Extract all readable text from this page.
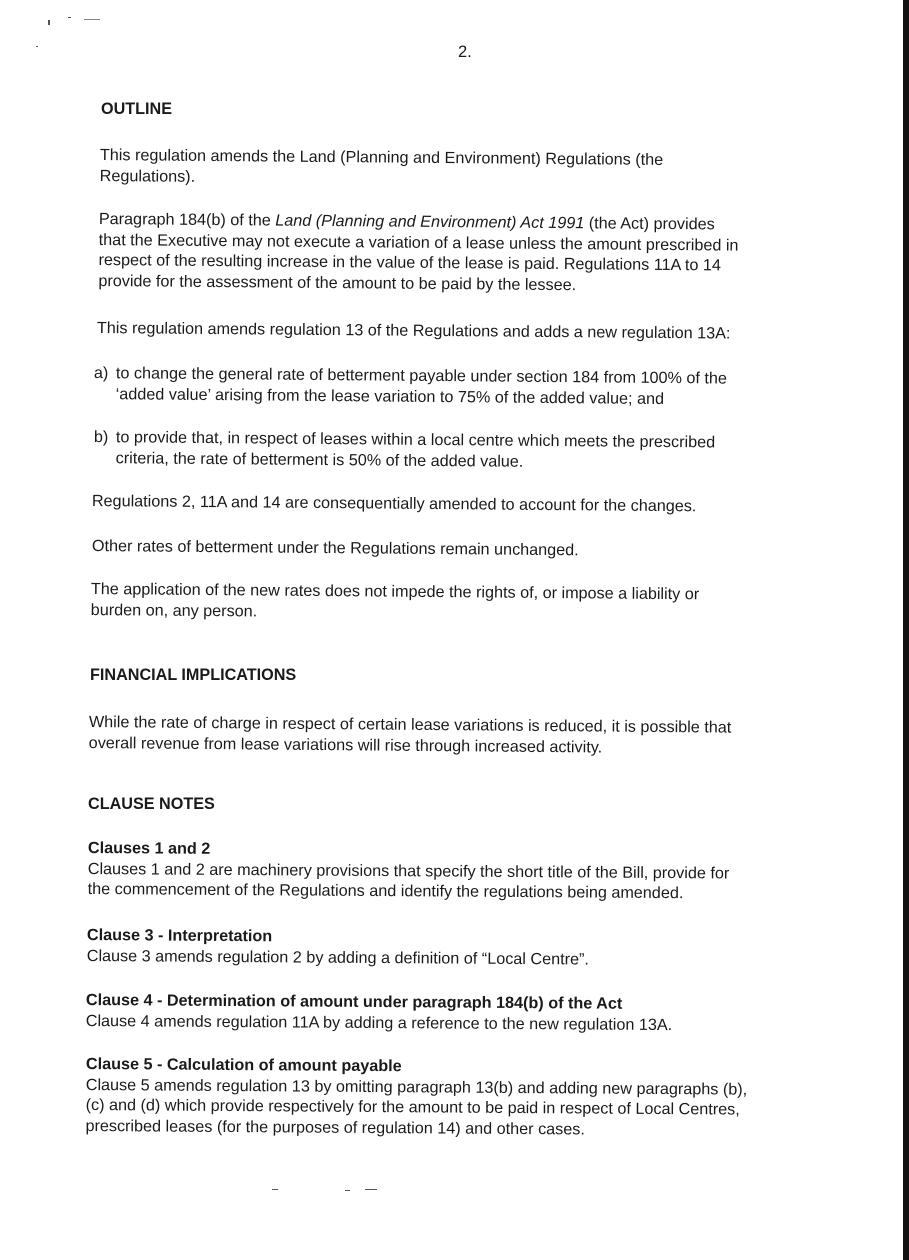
2.
OUTLINE
This regulation amends the Land (Planning and Environment) Regulations (the
Regulations).
Paragraph 184(b) of the Land (Planning and Environment) Act 1991 (the Act) provides
that the Executive may not execute a variation of a lease unless the amount prescribed in
respect of the resulting increase in the value of the lease is paid. Regulations 11A to 14
provide for the assessment of the amount to be paid by the lessee.
This regulation amends regulation 13 of the Regulations and adds a new regulation 13A:
a) to change the general rate of betterment payable under section 184 from 100% of the
‘added value’ arising from the lease variation to 75% of the added value; and
b) to provide that, in respect of leases within a local centre which meets the prescribed
criteria, the rate of betterment is 50% of the added value.
Regulations 2, 11A and 14 are consequentially amended to account for the changes.
Other rates of betterment under the Regulations remain unchanged.
The application of the new rates does not impede the rights of, or impose a liability or
burden on, any person.
FINANCIAL IMPLICATIONS
While the rate of charge in respect of certain lease variations is reduced, it is possible that
overall revenue from lease variations will rise through increased activity.
CLAUSE NOTES
Clauses 1 and 2
Clauses 1 and 2 are machinery provisions that specify the short title of the Bill, provide for
the commencement of the Regulations and identify the regulations being amended.
Clause 3 - Interpretation
Clause 3 amends regulation 2 by adding a definition of “Local Centre”.
Clause 4 - Determination of amount under paragraph 184(b) of the Act
Clause 4 amends regulation 11A by adding a reference to the new regulation 13A.
Clause 5 - Calculation of amount payable
Clause 5 amends regulation 13 by omitting paragraph 13(b) and adding new paragraphs (b),
(c) and (d) which provide respectively for the amount to be paid in respect of Local Centres,
prescribed leases (for the purposes of regulation 14) and other cases.
